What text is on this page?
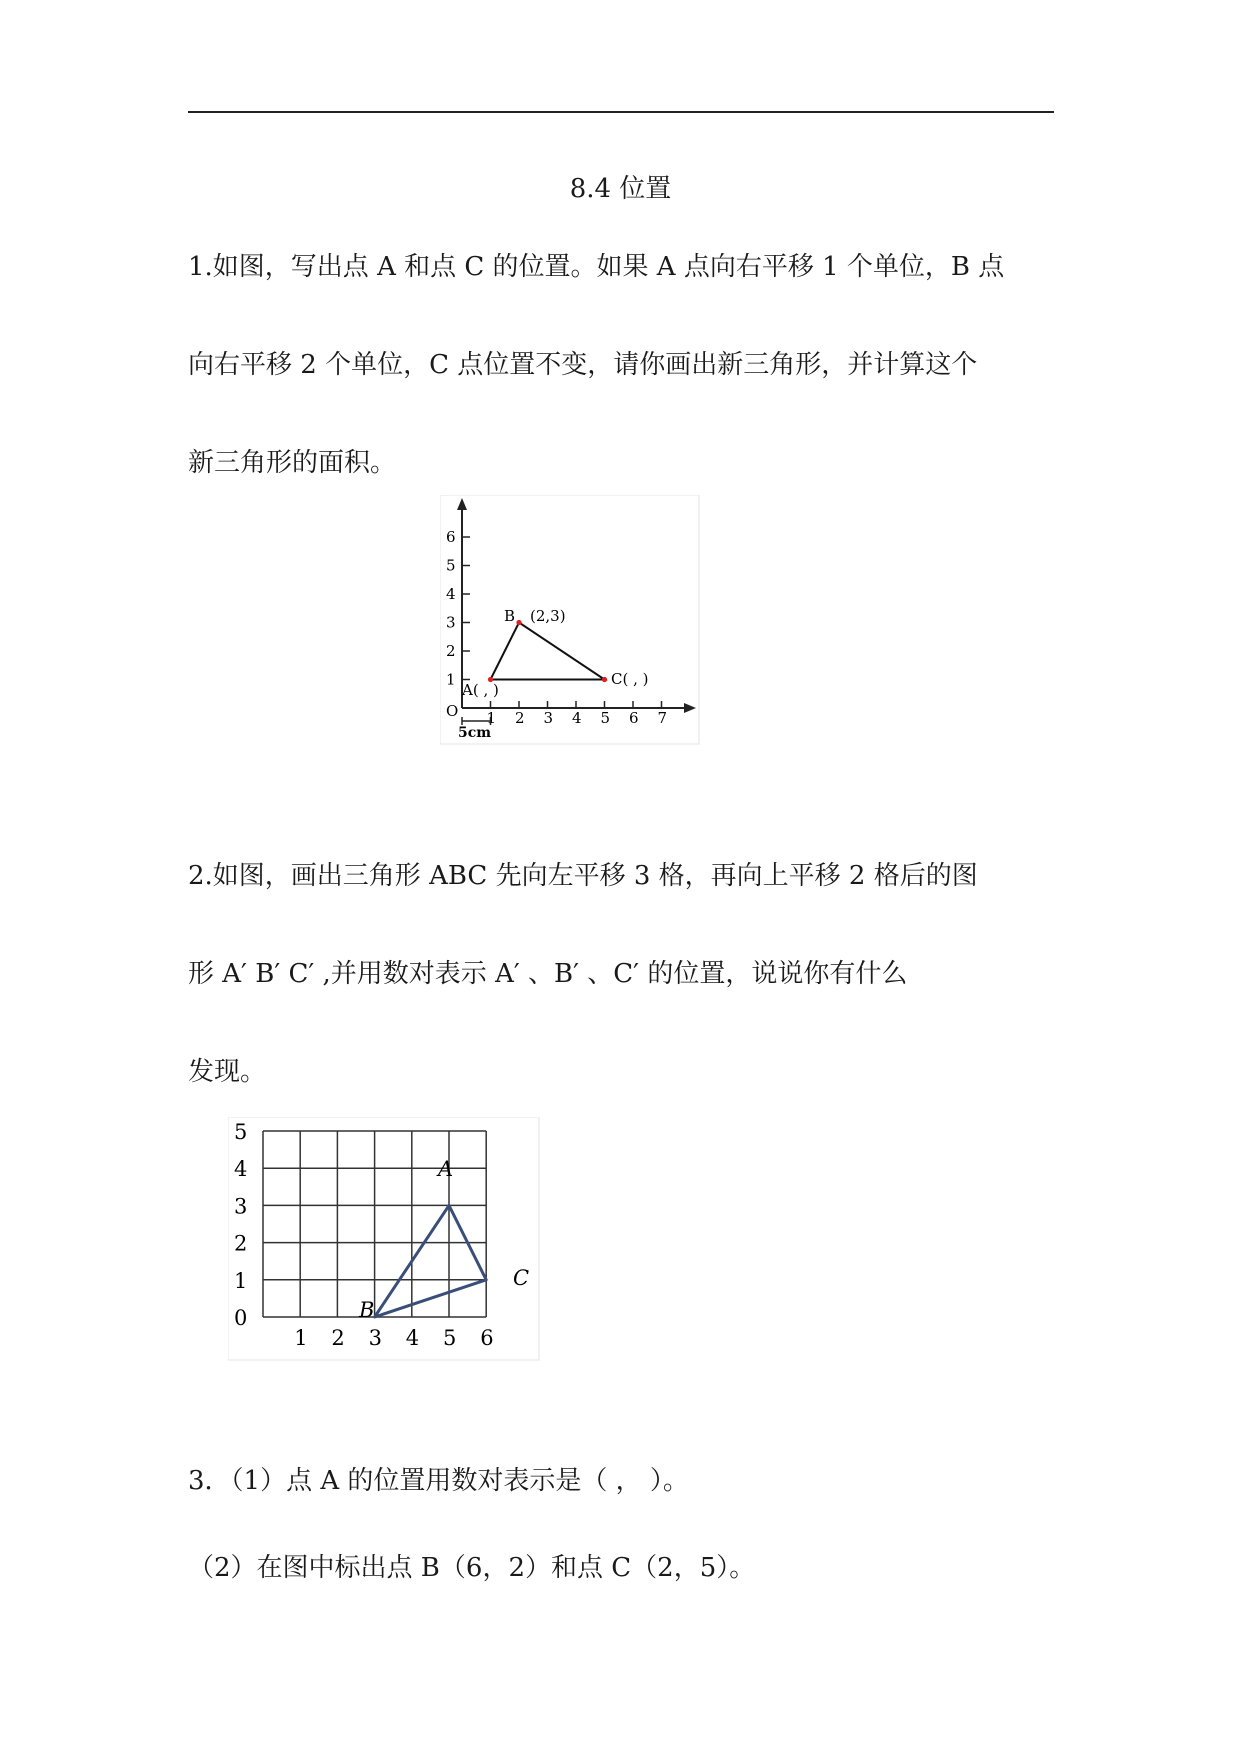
8.4 位置
1.如图，写出点 A 和点 C 的位置。如果 A 点向右平移 1 个单位，B 点
向右平移 2 个单位，C 点位置不变，请你画出新三角形，并计算这个
新三角形的面积。
1 2 3 4 5 6 7
1
2
3
4
5
6
O
5cm
B (2,3)
A( , )
C( , )
2.如图，画出三角形 ABC 先向左平移 3 格，再向上平移 2 格后的图
形 A′ B′ C′ ,并用数对表示 A′ 、B′ 、C′ 的位置，说说你有什么
发现。
1 2 3 4 5 6
0
1
2
3
4
5
A
B
C
3．（1）点 A 的位置用数对表示是（ ， ）。
（2）在图中标出点 B（6，2）和点 C（2，5）。
